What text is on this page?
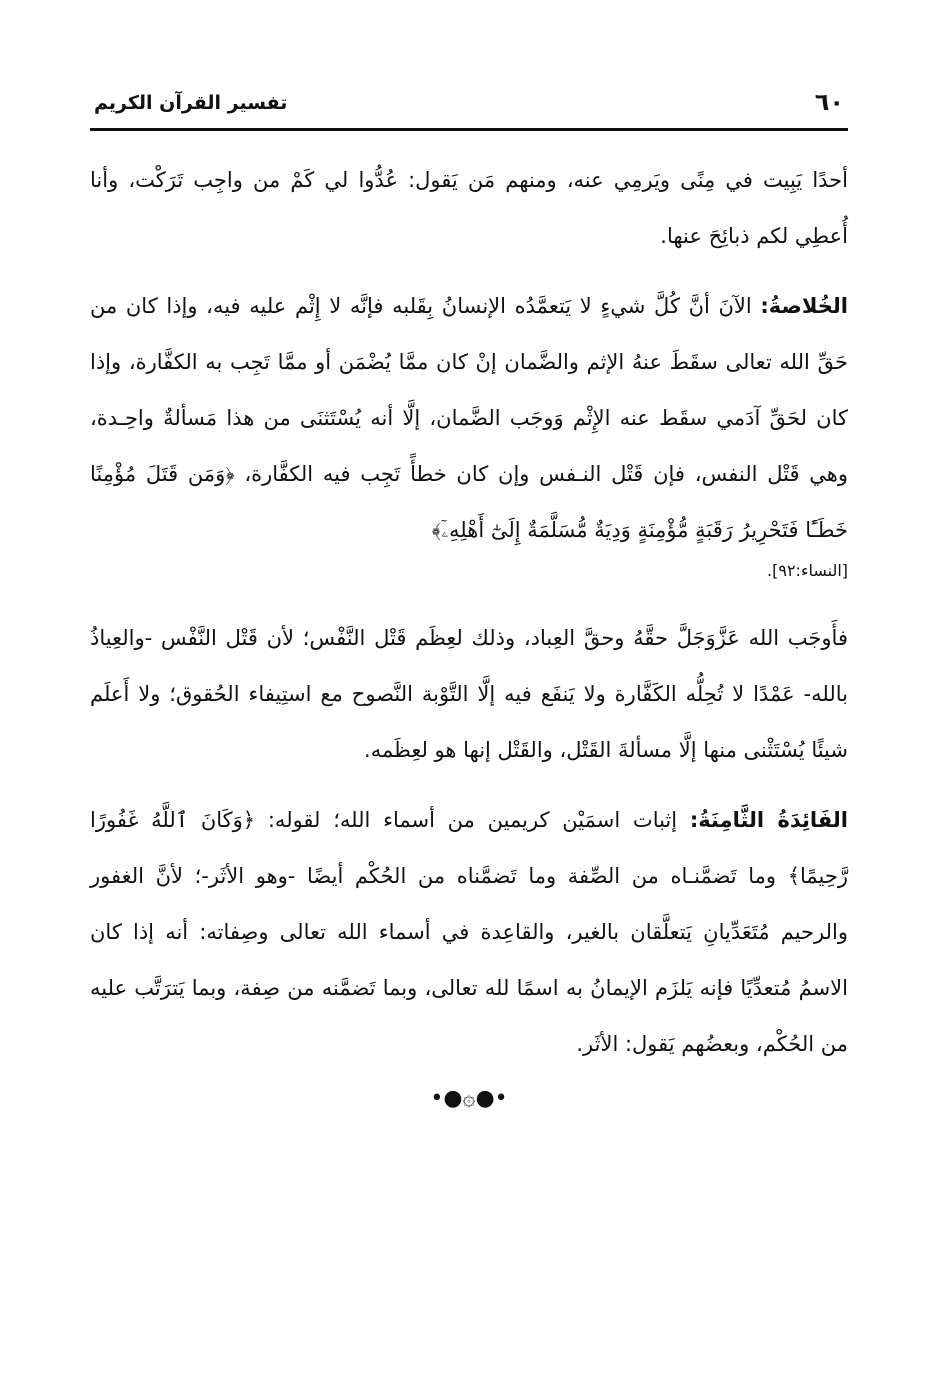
٦٠
تفسير القرآن الكريم

أحدًا يَبِيت في مِنًى ويَرمِي عنه، ومنهم مَن يَقول: عُدُّوا لي كَمْ من واجِب تَرَكْت، وأنا أُعطِي لكم ذبائِحَ عنها.

الخُلاصةُ: الآنَ أنَّ كُلَّ شيءٍ لا يَتعمَّدُه الإنسانُ بِقَلبه فإنَّه لا إِثْم عليه فيه، وإذا كان من حَقِّ الله تعالى سقَطَ عنهُ الإثم والضَّمان إنْ كان ممَّا يُضْمَن أو ممَّا تَجِب به الكفَّارة، وإذا كان لحَقِّ آدَمي سقَط عنه الإِثْم وَوجَب الضَّمان، إلَّا أنه يُسْتَثنَى من هذا مَسألةٌ واحِـدة، وهي قَتْل النفس، فإن قَتْل النـفس وإن كان خطأً تَجِب فيه الكفَّارة، ﴿وَمَن قَتَلَ مُؤْمِنًا خَطَـًٔا فَتَحْرِيرُ رَقَبَةٍ مُّؤْمِنَةٍ وَدِيَةٌ مُّسَلَّمَةٌ إِلَىٰٓ أَهْلِهِۦٓ﴾

[النساء:٩٢].

فأَوجَب الله عَزَّوَجَلَّ حقَّهُ وحقَّ العِباد، وذلك لعِظَم قَتْل النَّفْس؛ لأن قَتْل النَّفْس -والعِياذُ بالله- عَمْدًا لا تُحِلُّه الكَفَّارة ولا يَنفَع فيه إلَّا التَّوْبة النَّصوح مع استِيفاء الحُقوق؛ ولا أَعلَم شيئًا يُسْتَثْنى منها إلَّا مسألةَ القَتْل، والقَتْل إنها هو لعِظَمه.

الفَائِدَةُ الثَّامِنَةُ: إثبات اسمَيْن كريمين من أسماء الله؛ لقوله: ﴿وَكَانَ ٱللَّهُ غَفُورًا رَّحِيمًا﴾ وما تَضمَّنـاه من الصِّفة وما تَضمَّناه من الحُكْم أيضًا -وهو الأثَر-؛ لأنَّ الغفور والرحيم مُتَعَدِّيانِ يَتعلَّقان بالغير، والقاعِدة في أسماء الله تعالى وصِفاته: أنه إذا كان الاسمُ مُتعدِّيًا فإنه يَلزَم الإيمانُ به اسمًا لله تعالى، وبما تَضمَّنه من صِفة، وبما يَترَتَّب عليه من الحُكْم، وبعضُهم يَقول: الأثَر.

•●۞●•
